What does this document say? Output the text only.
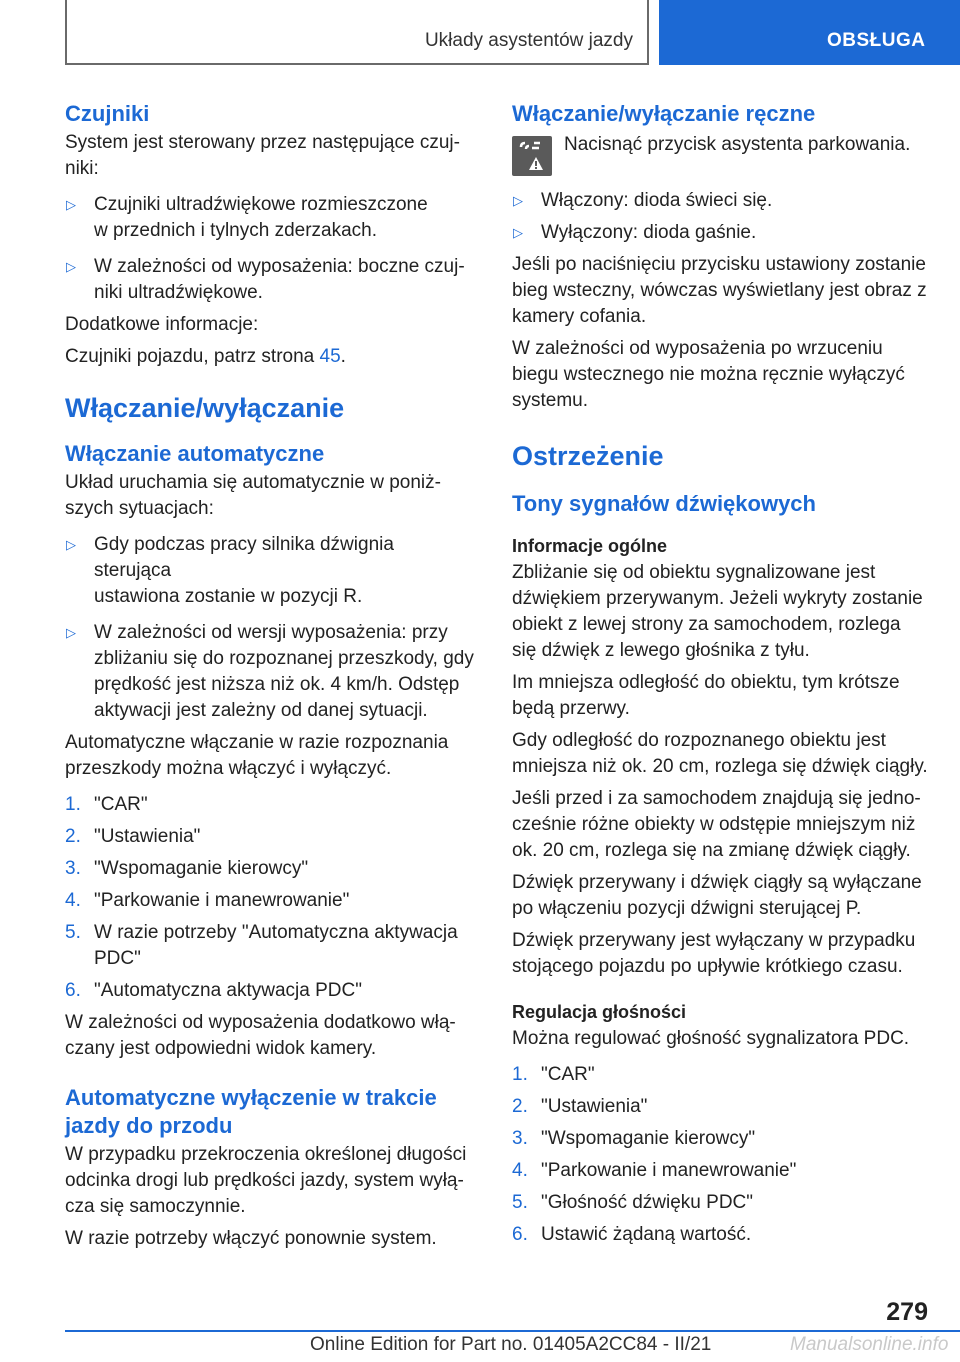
Układy asystentów jazdy	OBSŁUGA
Czujniki
System jest sterowany przez następujące czuj‐
niki:
▷ Czujniki ultradźwiękowe rozmieszczone
w przednich i tylnych zderzakach.
▷ W zależności od wyposażenia: boczne czuj‐
niki ultradźwiękowe.
Dodatkowe informacje:
Czujniki pojazdu, patrz strona 45.
Włączanie/wyłączanie
Włączanie automatyczne
Układ uruchamia się automatycznie w poniż‐
szych sytuacjach:
▷ Gdy podczas pracy silnika dźwignia sterująca
ustawiona zostanie w pozycji R.
▷ W zależności od wersji wyposażenia: przy
zbliżaniu się do rozpoznanej przeszkody, gdy
prędkość jest niższa niż ok. 4 km/h. Odstęp
aktywacji jest zależny od danej sytuacji.
Automatyczne włączanie w razie rozpoznania
przeszkody można włączyć i wyłączyć.
1. "CAR"
2. "Ustawienia"
3. "Wspomaganie kierowcy"
4. "Parkowanie i manewrowanie"
5. W razie potrzeby "Automatyczna aktywacja
PDC"
6. "Automatyczna aktywacja PDC"
W zależności od wyposażenia dodatkowo włą‐
czany jest odpowiedni widok kamery.
Automatyczne wyłączenie w trakcie
jazdy do przodu
W przypadku przekroczenia określonej długości
odcinka drogi lub prędkości jazdy, system wyłą‐
cza się samoczynnie.
W razie potrzeby włączyć ponownie system.
Włączanie/wyłączanie ręczne
Nacisnąć przycisk asystenta parkowania.
▷ Włączony: dioda świeci się.
▷ Wyłączony: dioda gaśnie.
Jeśli po naciśnięciu przycisku ustawiony zostanie
bieg wsteczny, wówczas wyświetlany jest obraz z
kamery cofania.
W zależności od wyposażenia po wrzuceniu
biegu wstecznego nie można ręcznie wyłączyć
systemu.
Ostrzeżenie
Tony sygnałów dźwiękowych
Informacje ogólne
Zbliżanie się od obiektu sygnalizowane jest
dźwiękiem przerywanym. Jeżeli wykryty zostanie
obiekt z lewej strony za samochodem, rozlega
się dźwięk z lewego głośnika z tyłu.
Im mniejsza odległość do obiektu, tym krótsze
będą przerwy.
Gdy odległość do rozpoznanego obiektu jest
mniejsza niż ok. 20 cm, rozlega się dźwięk ciągły.
Jeśli przed i za samochodem znajdują się jedno‐
cześnie różne obiekty w odstępie mniejszym niż
ok. 20 cm, rozlega się na zmianę dźwięk ciągły.
Dźwięk przerywany i dźwięk ciągły są wyłączane
po włączeniu pozycji dźwigni sterującej P.
Dźwięk przerywany jest wyłączany w przypadku
stojącego pojazdu po upływie krótkiego czasu.
Regulacja głośności
Można regulować głośność sygnalizatora PDC.
1. "CAR"
2. "Ustawienia"
3. "Wspomaganie kierowcy"
4. "Parkowanie i manewrowanie"
5. "Głośność dźwięku PDC"
6. Ustawić żądaną wartość.
279
Online Edition for Part no. 01405A2CC84 - II/21	Manualsonline.info
